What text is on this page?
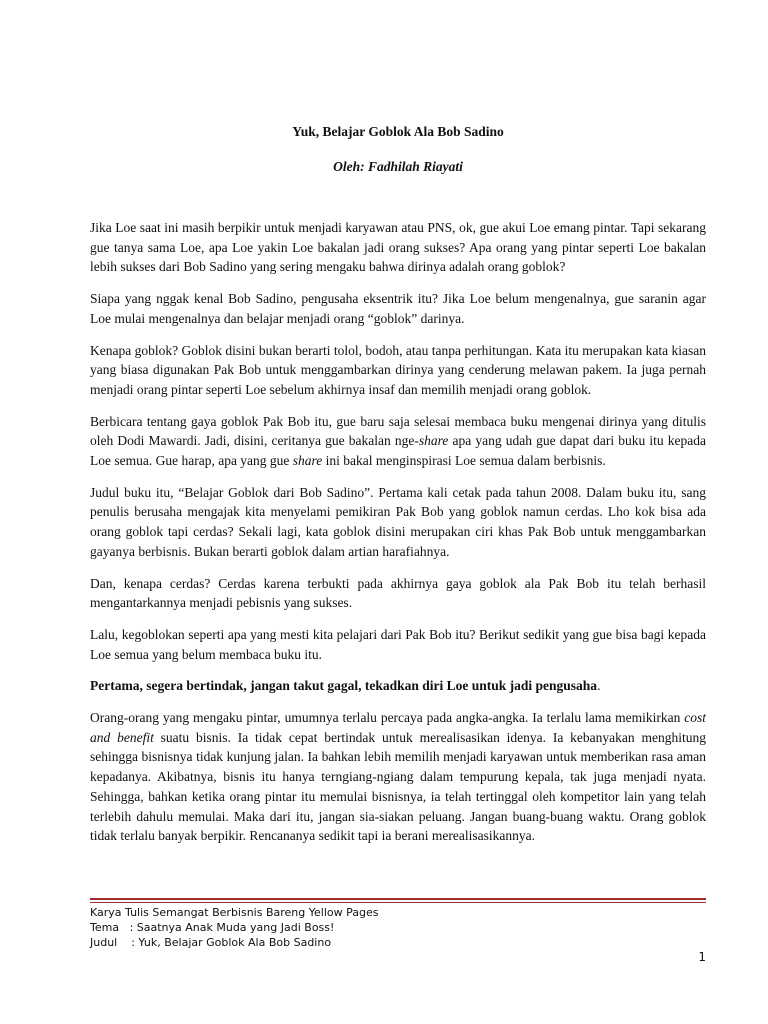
Yuk, Belajar Goblok Ala Bob Sadino
Oleh: Fadhilah Riayati

Jika Loe saat ini masih berpikir untuk menjadi karyawan atau PNS, ok, gue akui Loe emang pintar. Tapi sekarang gue tanya sama Loe, apa Loe yakin Loe bakalan jadi orang sukses? Apa orang yang pintar seperti Loe bakalan lebih sukses dari Bob Sadino yang sering mengaku bahwa dirinya adalah orang goblok?

Siapa yang nggak kenal Bob Sadino, pengusaha eksentrik itu? Jika Loe belum mengenalnya, gue saranin agar Loe mulai mengenalnya dan belajar menjadi orang “goblok” darinya.

Kenapa goblok? Goblok disini bukan berarti tolol, bodoh, atau tanpa perhitungan. Kata itu merupakan kata kiasan yang biasa digunakan Pak Bob untuk menggambarkan dirinya yang cenderung melawan pakem. Ia juga pernah menjadi orang pintar seperti Loe sebelum akhirnya insaf dan memilih menjadi orang goblok.

Berbicara tentang gaya goblok Pak Bob itu, gue baru saja selesai membaca buku mengenai dirinya yang ditulis oleh Dodi Mawardi. Jadi, disini, ceritanya gue bakalan nge-share apa yang udah gue dapat dari buku itu kepada Loe semua. Gue harap, apa yang gue share ini bakal menginspirasi Loe semua dalam berbisnis.

Judul buku itu, “Belajar Goblok dari Bob Sadino”. Pertama kali cetak pada tahun 2008. Dalam buku itu, sang penulis berusaha mengajak kita menyelami pemikiran Pak Bob yang goblok namun cerdas. Lho kok bisa ada orang goblok tapi cerdas? Sekali lagi, kata goblok disini merupakan ciri khas Pak Bob untuk menggambarkan gayanya berbisnis. Bukan berarti goblok dalam artian harafiahnya.

Dan, kenapa cerdas? Cerdas karena terbukti pada akhirnya gaya goblok ala Pak Bob itu telah berhasil mengantarkannya menjadi pebisnis yang sukses.

Lalu, kegoblokan seperti apa yang mesti kita pelajari dari Pak Bob itu? Berikut sedikit yang gue bisa bagi kepada Loe semua yang belum membaca buku itu.

Pertama, segera bertindak, jangan takut gagal, tekadkan diri Loe untuk jadi pengusaha.

Orang-orang yang mengaku pintar, umumnya terlalu percaya pada angka-angka. Ia terlalu lama memikirkan cost and benefit suatu bisnis. Ia tidak cepat bertindak untuk merealisasikan idenya. Ia kebanyakan menghitung sehingga bisnisnya tidak kunjung jalan. Ia bahkan lebih memilih menjadi karyawan untuk memberikan rasa aman kepadanya. Akibatnya, bisnis itu hanya terngiang-ngiang dalam tempurung kepala, tak juga menjadi nyata. Sehingga, bahkan ketika orang pintar itu memulai bisnisnya, ia telah tertinggal oleh kompetitor lain yang telah terlebih dahulu memulai. Maka dari itu, jangan sia-siakan peluang. Jangan buang-buang waktu. Orang goblok tidak terlalu banyak berpikir. Rencananya sedikit tapi ia berani merealisasikannya.

Karya Tulis Semangat Berbisnis Bareng Yellow Pages
Tema   : Saatnya Anak Muda yang Jadi Boss!
Judul    : Yuk, Belajar Goblok Ala Bob Sadino
1
